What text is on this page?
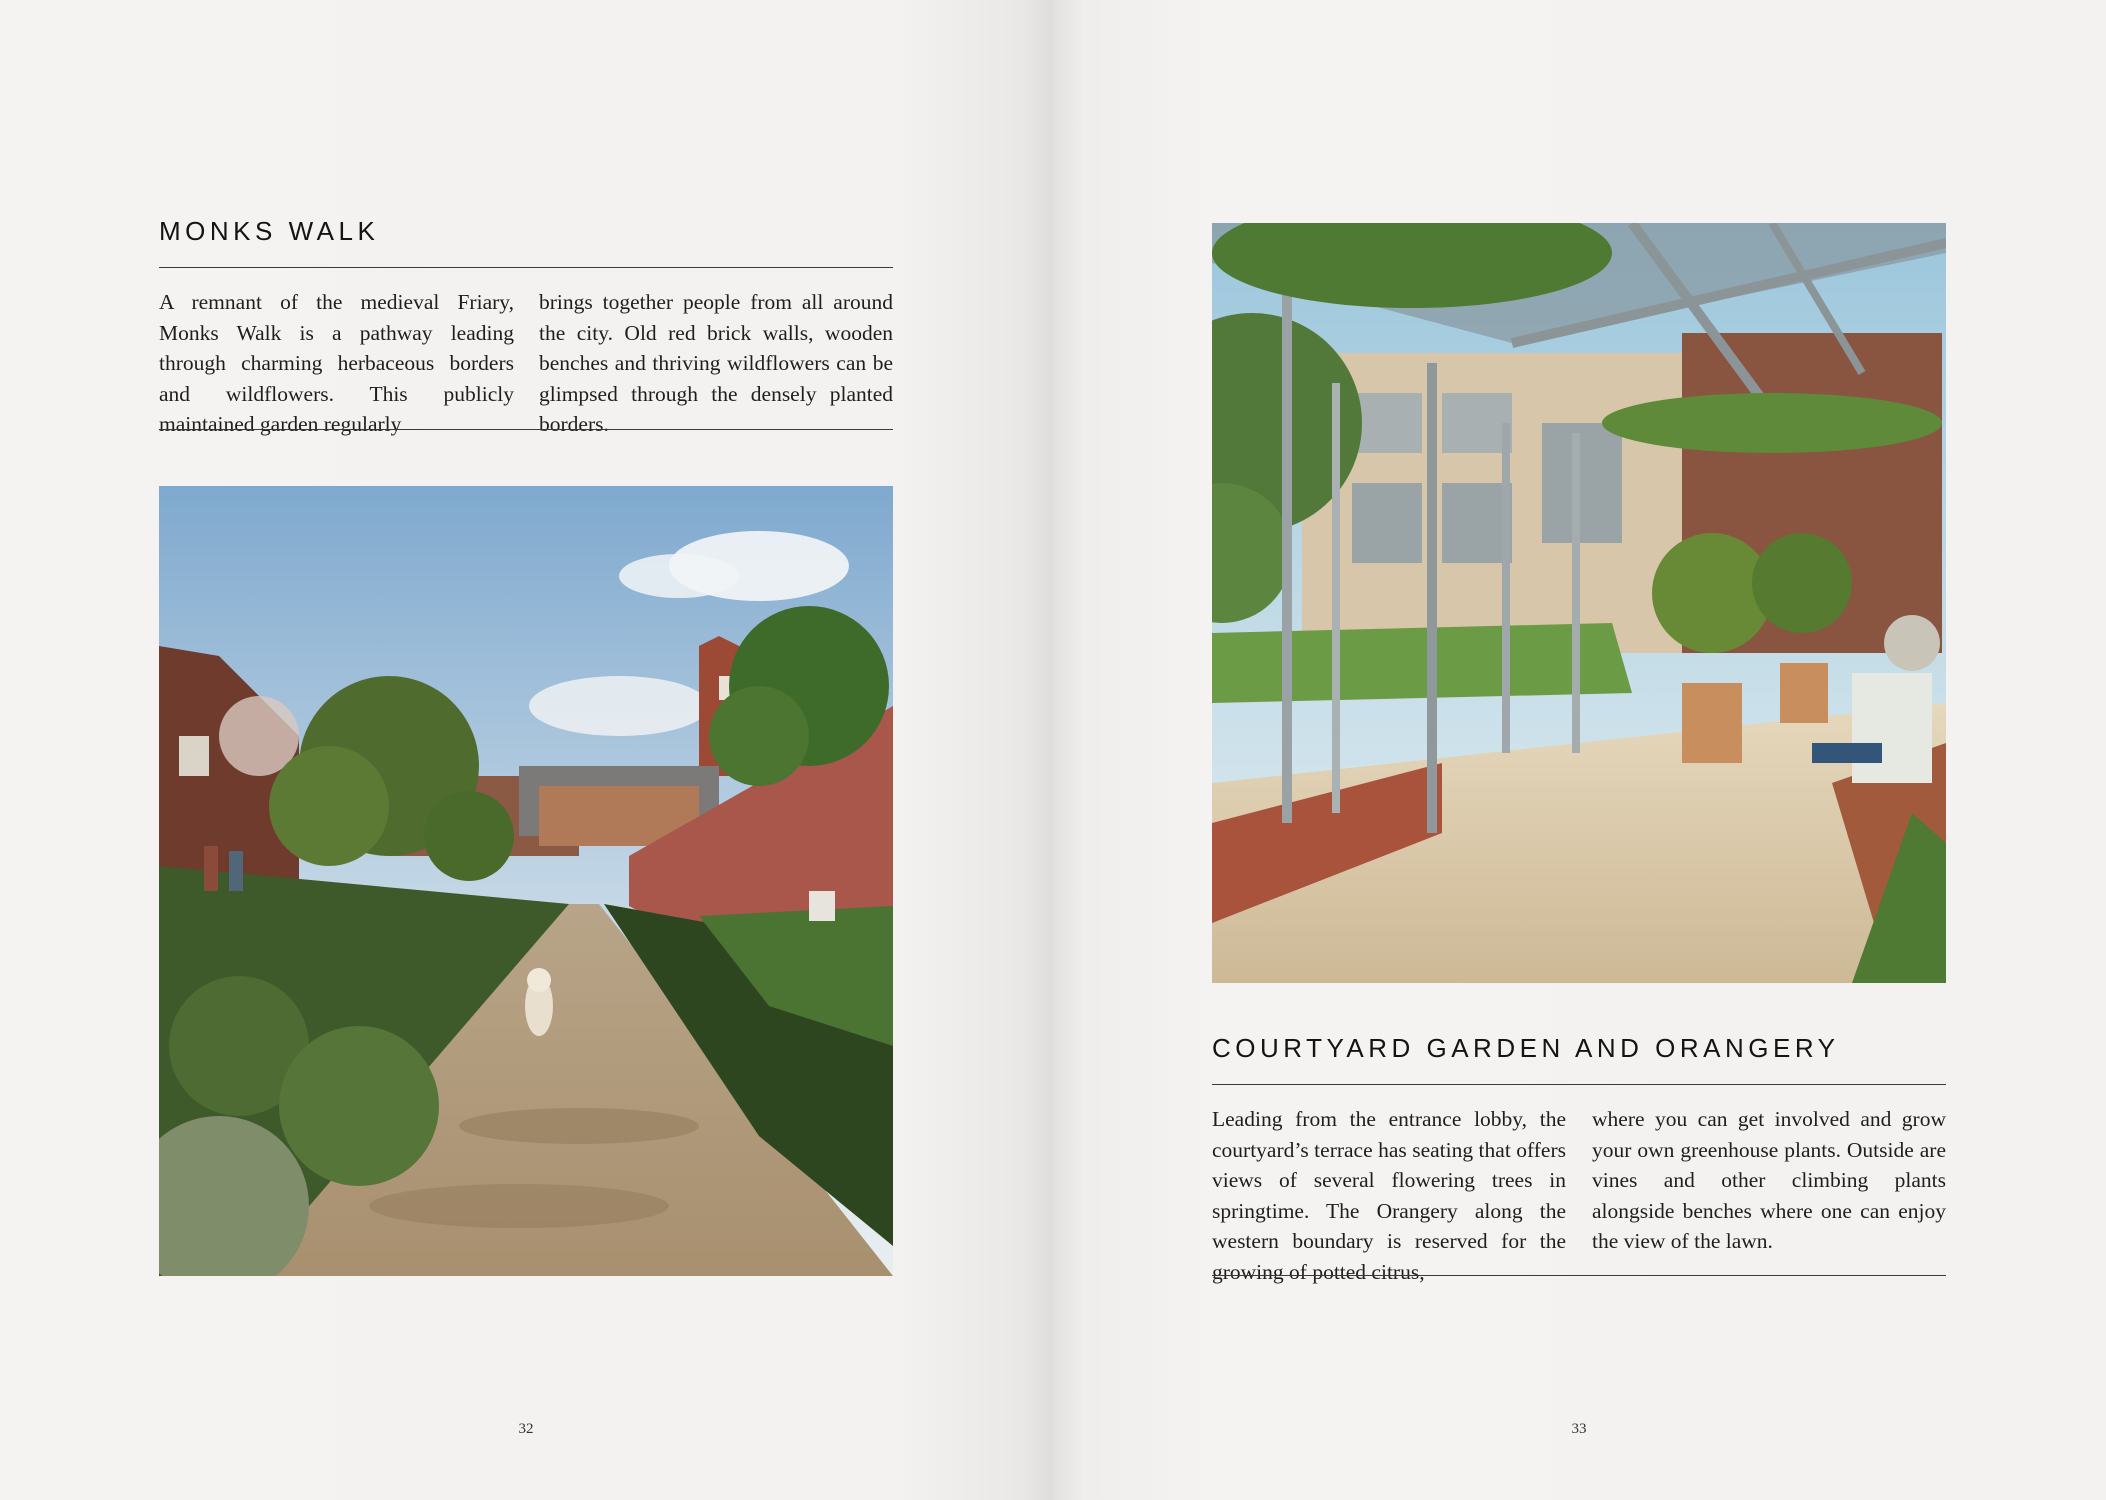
MONKS WALK

A remnant of the medieval Friary, Monks Walk is a pathway leading through charming herbaceous borders and wildflowers. This publicly maintained garden regularly

brings together people from all around the city. Old red brick walls, wooden benches and thriving wildflowers can be glimpsed through the densely planted borders.

32
COURTYARD GARDEN AND ORANGERY

Leading from the entrance lobby, the courtyard’s terrace has seating that offers views of several flowering trees in springtime. The Orangery along the western boundary is reserved for the growing of potted citrus,

where you can get involved and grow your own greenhouse plants. Outside are vines and other climbing plants alongside benches where one can enjoy the view of the lawn.

33
